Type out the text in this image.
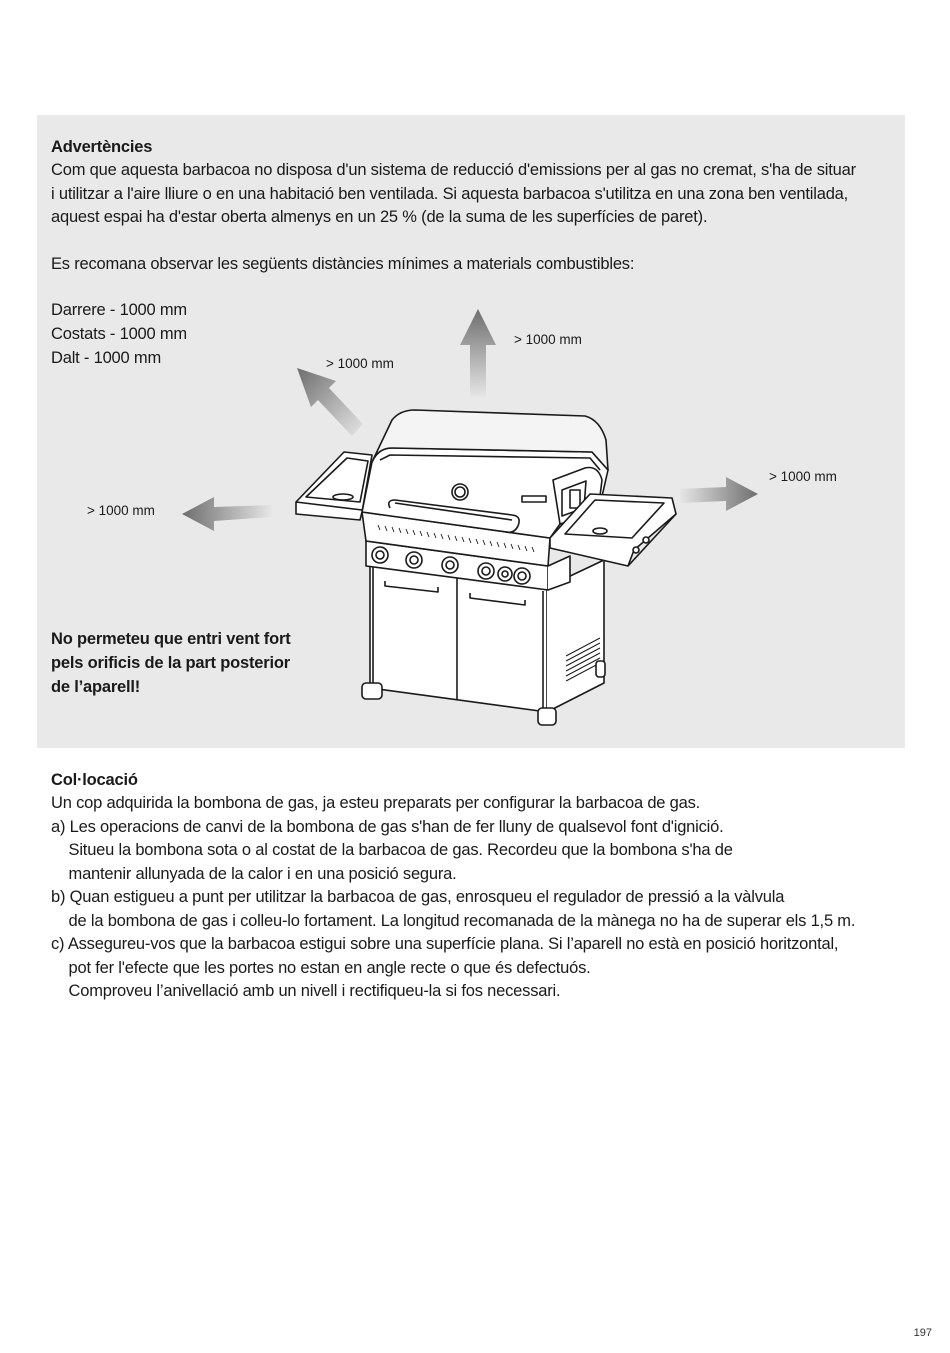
Advertències
Com que aquesta barbacoa no disposa d'un sistema de reducció d'emissions per al gas no cremat, s'ha de situar
i utilitzar a l'aire lliure o en una habitació ben ventilada. Si aquesta barbacoa s'utilitza en una zona ben ventilada,
aquest espai ha d'estar oberta almenys en un 25 % (de la suma de les superfícies de paret).
Es recomana observar les següents distàncies mínimes a materials combustibles:
Darrere - 1000 mm
Costats - 1000 mm
Dalt - 1000 mm	> 1000 mm
> 1000 mm
> 1000 mm
> 1000 mm
No permeteu que entri vent fort
pels orificis de la part posterior
de l’aparell!
Col·locació
Un cop adquirida la bombona de gas, ja esteu preparats per configurar la barbacoa de gas.
a) Les operacions de canvi de la bombona de gas s'han de fer lluny de qualsevol font d'ignició.
Situeu la bombona sota o al costat de la barbacoa de gas. Recordeu que la bombona s'ha de
mantenir allunyada de la calor i en una posició segura.
b) Quan estigueu a punt per utilitzar la barbacoa de gas, enrosqueu el regulador de pressió a la vàlvula
de la bombona de gas i colleu-lo fortament. La longitud recomanada de la mànega no ha de superar els 1,5 m.
c) Assegureu-vos que la barbacoa estigui sobre una superfície plana. Si l’aparell no està en posició horitzontal,
pot fer l'efecte que les portes no estan en angle recte o que és defectuós.
Comproveu l’anivellació amb un nivell i rectifiqueu-la si fos necessari.
197
